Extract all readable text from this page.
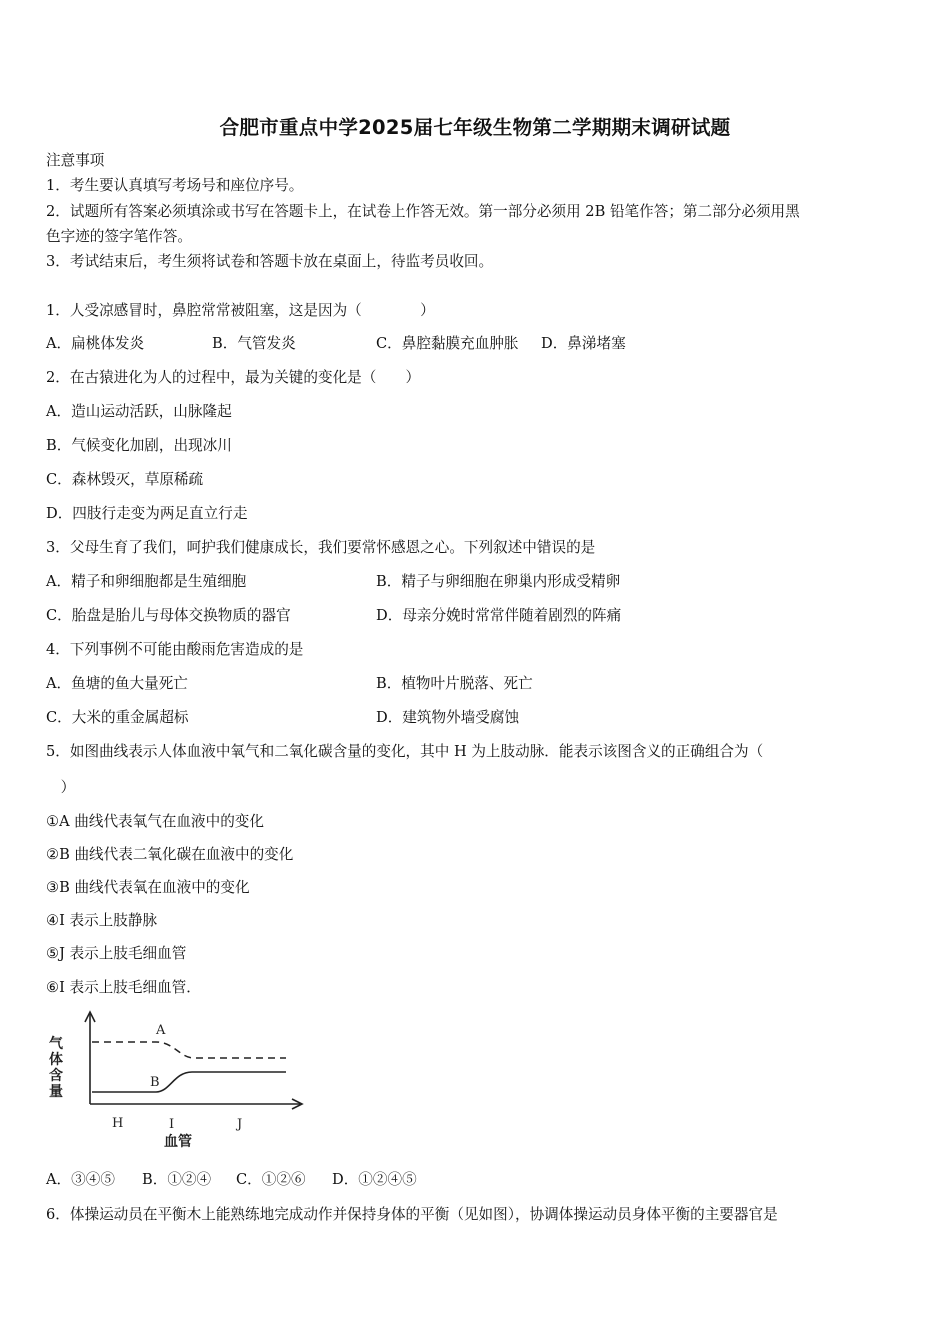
合肥市重点中学2025届七年级生物第二学期期末调研试题
注意事项
1．考生要认真填写考场号和座位序号。
2．试题所有答案必须填涂或书写在答题卡上，在试卷上作答无效。第一部分必须用 2B 铅笔作答；第二部分必须用黑
色字迹的签字笔作答。
3．考试结束后，考生须将试卷和答题卡放在桌面上，待监考员收回。
1．人受凉感冒时，鼻腔常常被阻塞，这是因为（　　　　）
A．扁桃体发炎	B．气管发炎	C．鼻腔黏膜充血肿胀 D．鼻涕堵塞
2．在古猿进化为人的过程中，最为关键的变化是（　　）
A．造山运动活跃，山脉隆起
B．气候变化加剧，出现冰川
C．森林毁灭，草原稀疏
D．四肢行走变为两足直立行走
3．父母生育了我们，呵护我们健康成长，我们要常怀感恩之心。下列叙述中错误的是
A．精子和卵细胞都是生殖细胞	B．精子与卵细胞在卵巢内形成受精卵
C．胎盘是胎儿与母体交换物质的器官	D．母亲分娩时常常伴随着剧烈的阵痛
4．下列事例不可能由酸雨危害造成的是
A．鱼塘的鱼大量死亡	B．植物叶片脱落、死亡
C．大米的重金属超标	D．建筑物外墙受腐蚀
5．如图曲线表示人体血液中氧气和二氧化碳含量的变化，其中 H 为上肢动脉．能表示该图含义的正确组合为（
　）
①A 曲线代表氧气在血液中的变化
②B 曲线代表二氧化碳在血液中的变化
③B 曲线代表氧在血液中的变化
④I 表示上肢静脉
⑤J 表示上肢毛细血管
⑥I 表示上肢毛细血管．
气
体
含
量
A
B
H	I	J
血管
A．③④⑤ B．①②④ C．①②⑥ D．①②④⑤
6．体操运动员在平衡木上能熟练地完成动作并保持身体的平衡（见如图），协调体操运动员身体平衡的主要器官是
